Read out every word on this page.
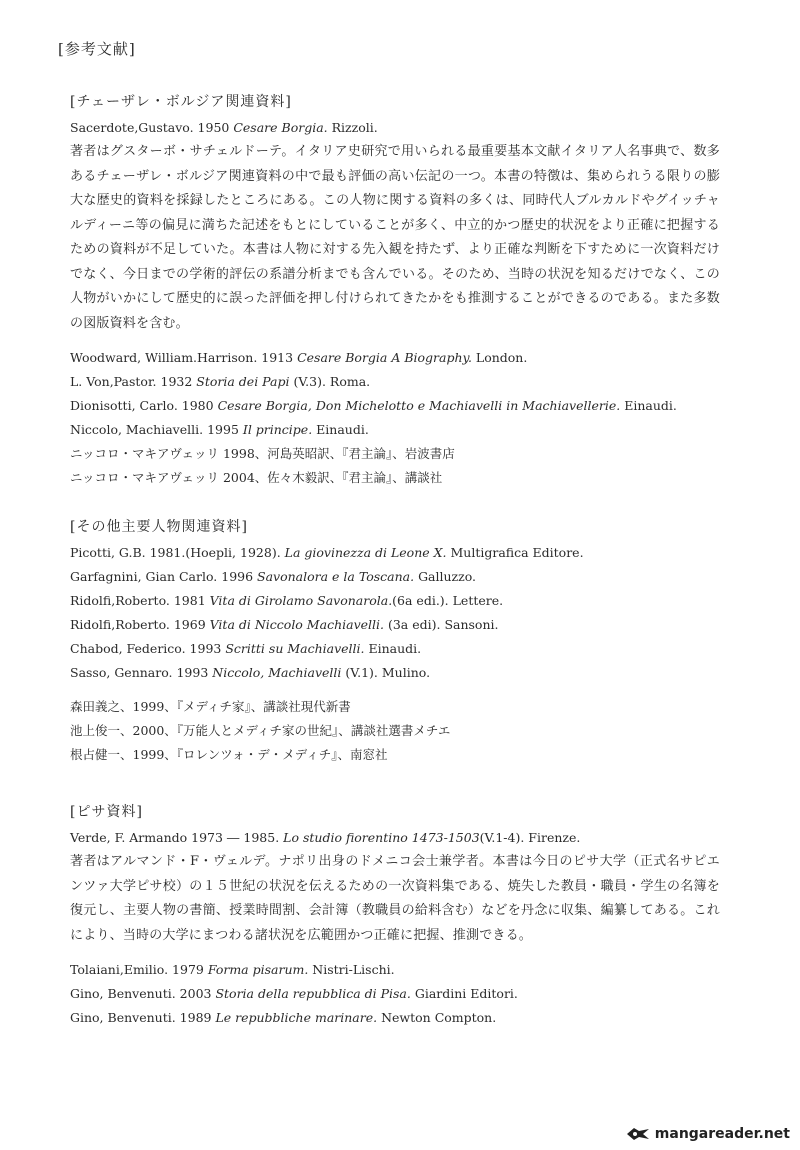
[参考文献]
[チェーザレ・ボルジア関連資料]
Sacerdote,Gustavo. 1950 Cesare Borgia. Rizzoli.
著者はグスターボ・サチェルドーテ。イタリア史研究で用いられる最重要基本文献イタリア人名事典で、数多あるチェーザレ・ボルジア関連資料の中で最も評価の高い伝記の一つ。本書の特徴は、集められうる限りの膨大な歴史的資料を採録したところにある。この人物に関する資料の多くは、同時代人ブルカルドやグイッチャルディーニ等の偏見に満ちた記述をもとにしていることが多く、中立的かつ歴史的状況をより正確に把握するための資料が不足していた。本書は人物に対する先入観を持たず、より正確な判断を下すために一次資料だけでなく、今日までの学術的評伝の系譜分析までも含んでいる。そのため、当時の状況を知るだけでなく、この人物がいかにして歴史的に誤った評価を押し付けられてきたかをも推測することができるのである。また多数の図版資料を含む。
Woodward, William.Harrison. 1913 Cesare Borgia A Biography. London.
L. Von,Pastor. 1932 Storia dei Papi (V.3). Roma.
Dionisotti, Carlo. 1980 Cesare Borgia, Don Michelotto e Machiavelli in Machiavellerie. Einaudi.
Niccolo, Machiavelli. 1995 Il principe. Einaudi.
ニッコロ・マキアヴェッリ 1998、河島英昭訳、『君主論』、岩波書店
ニッコロ・マキアヴェッリ 2004、佐々木毅訳、『君主論』、講談社
[その他主要人物関連資料]
Picotti, G.B. 1981.(Hoepli, 1928). La giovinezza di Leone X. Multigrafica Editore.
Garfagnini, Gian Carlo. 1996 Savonalora e la Toscana. Galluzzo.
Ridolfi,Roberto. 1981 Vita di Girolamo Savonarola.(6a edi.). Lettere.
Ridolfi,Roberto. 1969 Vita di Niccolo Machiavelli. (3a edi). Sansoni.
Chabod, Federico. 1993 Scritti su Machiavelli. Einaudi.
Sasso, Gennaro. 1993 Niccolo, Machiavelli (V.1). Mulino.
森田義之、1999、『メディチ家』、講談社現代新書
池上俊一、2000、『万能人とメディチ家の世紀』、講談社選書メチエ
根占健一、1999、『ロレンツォ・デ・メディチ』、南窓社
[ピサ資料]
Verde, F. Armando 1973 ― 1985. Lo studio fiorentino 1473-1503(V.1-4). Firenze.
著者はアルマンド・F・ヴェルデ。ナポリ出身のドメニコ会士兼学者。本書は今日のピサ大学（正式名サピエンツァ大学ピサ校）の１５世紀の状況を伝えるための一次資料集である、焼失した教員・職員・学生の名簿を復元し、主要人物の書簡、授業時間割、会計簿（教職員の給料含む）などを丹念に収集、編纂してある。これにより、当時の大学にまつわる諸状況を広範囲かつ正確に把握、推測できる。
Tolaiani,Emilio. 1979 Forma pisarum. Nistri-Lischi.
Gino, Benvenuti. 2003 Storia della repubblica di Pisa. Giardini Editori.
Gino, Benvenuti. 1989 Le repubbliche marinare. Newton Compton.
mangareader.net
